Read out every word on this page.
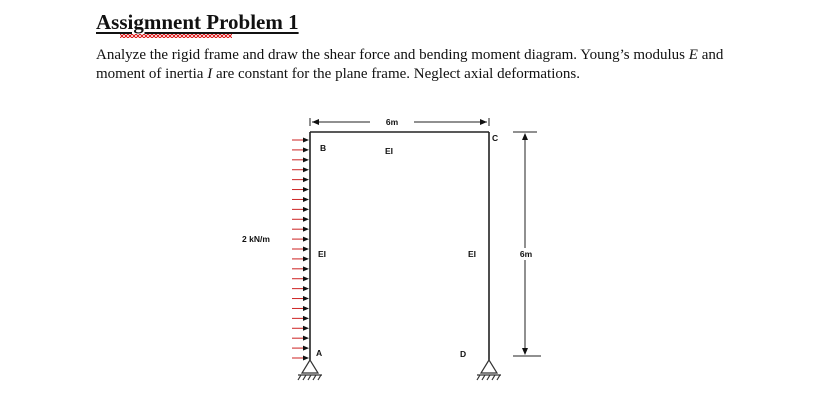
Assigmnent Problem 1
Analyze the rigid frame and draw the shear force and bending moment diagram. Young’s modulus E and moment of inertia I are constant for the plane frame. Neglect axial deformations.
6m
6m
2 kN/m
EI
EI	EI
B
C
A	D
